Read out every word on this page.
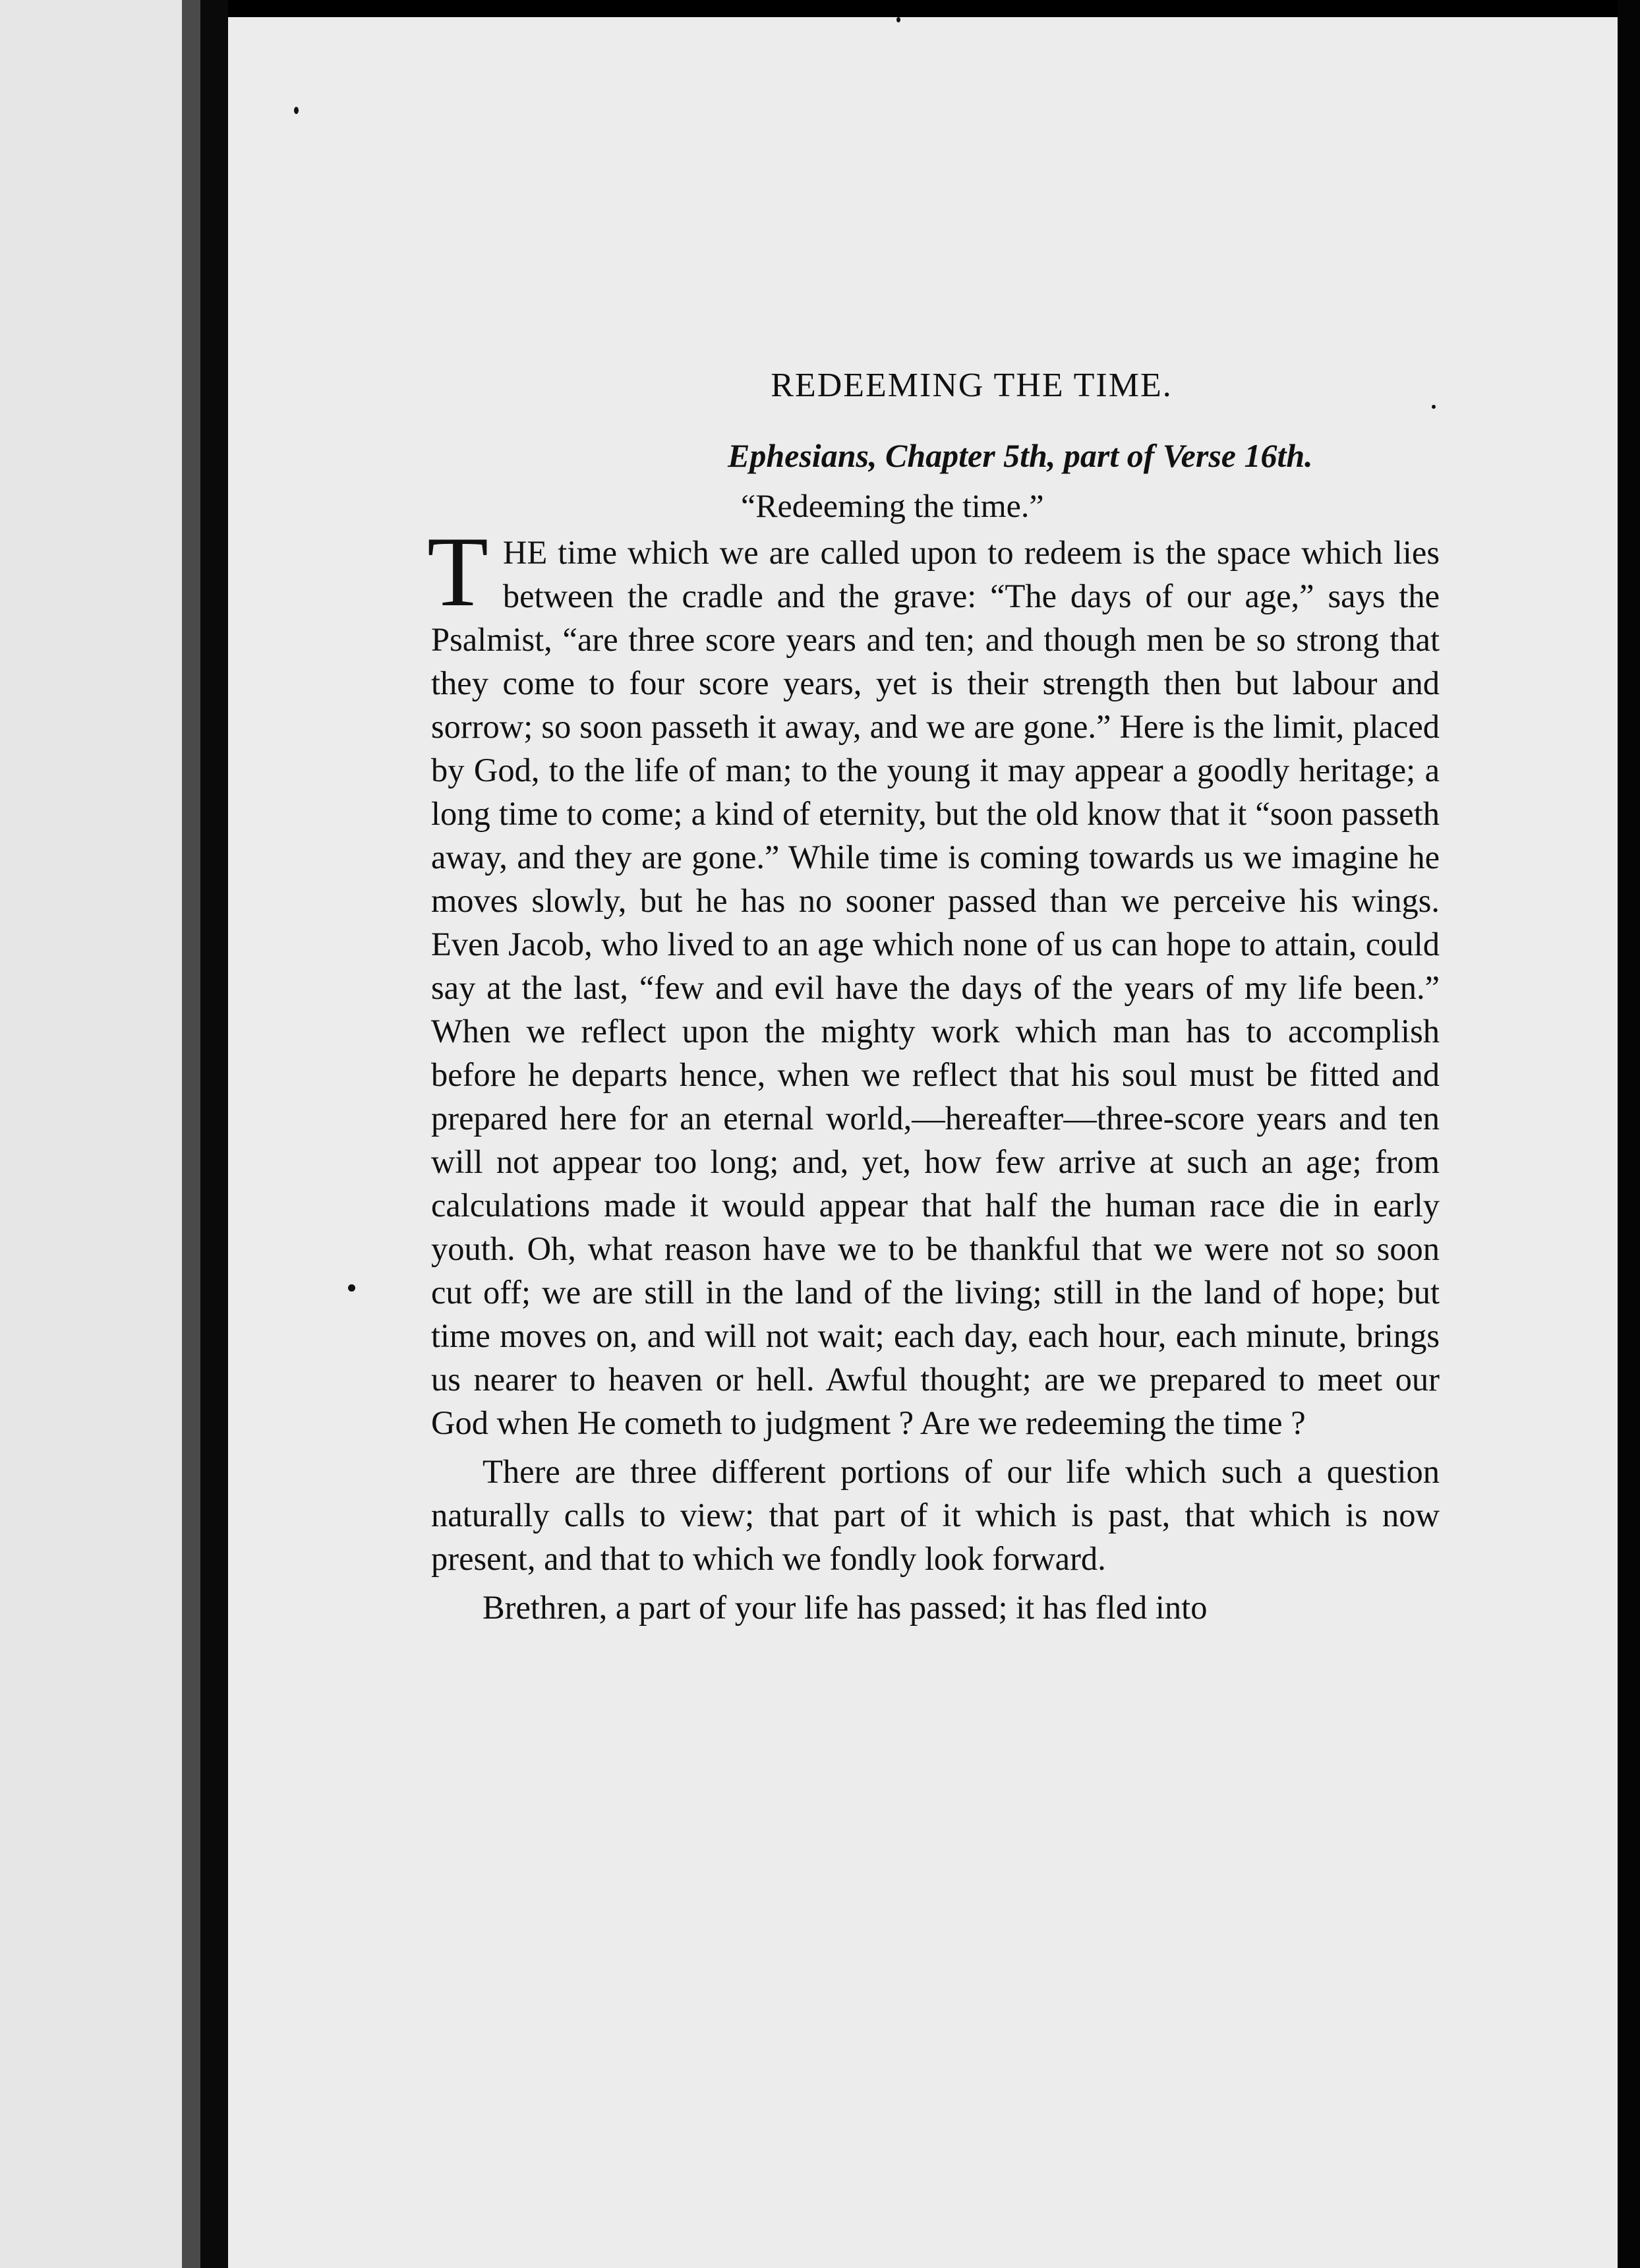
REDEEMING THE TIME.

Ephesians, Chapter 5th, part of Verse 16th.

“Redeeming the time.”

THE time which we are called upon to redeem is the space which lies between the cradle and the grave: “The days of our age,” says the Psalmist, “are three score years and ten; and though men be so strong that they come to four score years, yet is their strength then but labour and sorrow; so soon passeth it away, and we are gone.” Here is the limit, placed by God, to the life of man; to the young it may appear a goodly heritage; a long time to come; a kind of eternity, but the old know that it “soon passeth away, and they are gone.” While time is coming towards us we imagine he moves slowly, but he has no sooner passed than we perceive his wings. Even Jacob, who lived to an age which none of us can hope to attain, could say at the last, “few and evil have the days of the years of my life been.” When we reflect upon the mighty work which man has to accomplish before he departs hence, when we reflect that his soul must be fitted and prepared here for an eternal world,—hereafter—three-score years and ten will not appear too long; and, yet, how few arrive at such an age; from calculations made it would appear that half the human race die in early youth. Oh, what reason have we to be thankful that we were not so soon cut off; we are still in the land of the living; still in the land of hope; but time moves on, and will not wait; each day, each hour, each minute, brings us nearer to heaven or hell. Awful thought; are we prepared to meet our God when He cometh to judgment ? Are we redeeming the time ?

There are three different portions of our life which such a question naturally calls to view; that part of it which is past, that which is now present, and that to which we fondly look forward.

Brethren, a part of your life has passed; it has fled into
